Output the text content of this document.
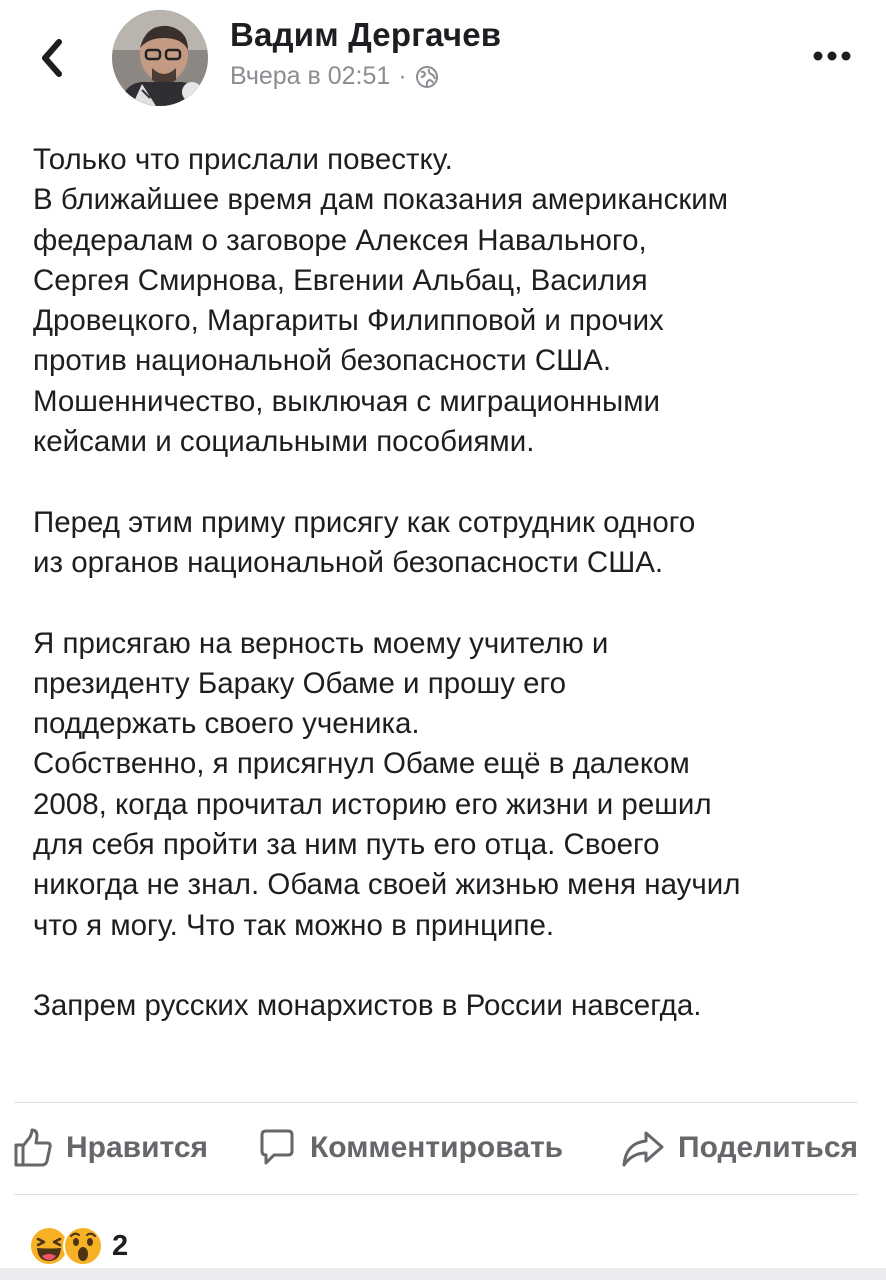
Вадим Дергачев
Вчера в 02:51 ·
Только что прислали повестку.
В ближайшее время дам показания американским
федералам о заговоре Алексея Навального,
Сергея Смирнова, Евгении Альбац, Василия
Дровецкого, Маргариты Филипповой и прочих
против национальной безопасности США.
Мошенничество, выключая с миграционными
кейсами и социальными пособиями.
Перед этим приму присягу как сотрудник одного
из органов национальной безопасности США.
Я присягаю на верность моему учителю и
президенту Бараку Обаме и прошу его
поддержать своего ученика.
Собственно, я присягнул Обаме ещё в далеком
2008, когда прочитал историю его жизни и решил
для себя пройти за ним путь его отца. Своего
никогда не знал. Обама своей жизнью меня научил
что я могу. Что так можно в принципе.
Запрем русских монархистов в России навсегда.
Нравится	Комментировать	Поделиться
2
